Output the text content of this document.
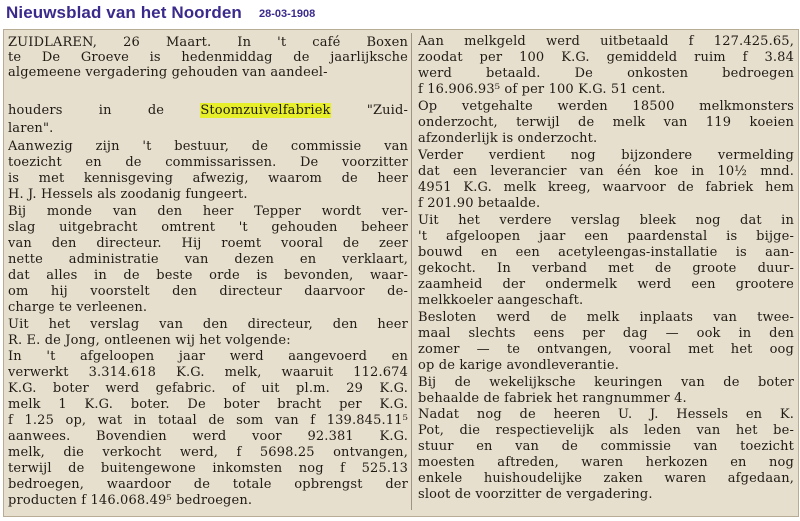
Nieuwsblad van het Noorden 28-03-1908
ZUIDLAREN, 26 Maart. In 't café Boxen
te De Groeve is hedenmiddag de jaarlijksche
algemeene vergadering gehouden van aandeel-
houders in de Stoomzuivelfabriek "Zuid-
laren".
Aanwezig zijn 't bestuur, de commissie van
toezicht en de commissarissen. De voorzitter
is met kennisgeving afwezig, waarom de heer
H. J. Hessels als zoodanig fungeert.
Bij monde van den heer Tepper wordt ver-
slag uitgebracht omtrent 't gehouden beheer
van den directeur. Hij roemt vooral de zeer
nette administratie van dezen en verklaart,
dat alles in de beste orde is bevonden, waar-
om hij voorstelt den directeur daarvoor de-
charge te verleenen.
Uit het verslag van den directeur, den heer
R. E. de Jong, ontleenen wij het volgende:
In 't afgeloopen jaar werd aangevoerd en
verwerkt 3.314.618 K.G. melk, waaruit 112.674
K.G. boter werd gefabric. of uit pl.m. 29 K.G.
melk 1 K.G. boter. De boter bracht per K.G.
f 1.25 op, wat in totaal de som van f 139.845.11⁵
aanwees. Bovendien werd voor 92.381 K.G.
melk, die verkocht werd, f 5698.25 ontvangen,
terwijl de buitengewone inkomsten nog f 525.13
bedroegen, waardoor de totale opbrengst der
producten f 146.068.49⁵ bedroegen.
Aan melkgeld werd uitbetaald f 127.425.65,
zoodat per 100 K.G. gemiddeld ruim f 3.84
werd betaald. De onkosten bedroegen
f 16.906.93⁵ of per 100 K.G. 51 cent.
Op vetgehalte werden 18500 melkmonsters
onderzocht, terwijl de melk van 119 koeien
afzonderlijk is onderzocht.
Verder verdient nog bijzondere vermelding
dat een leverancier van één koe in 10½ mnd.
4951 K.G. melk kreeg, waarvoor de fabriek hem
f 201.90 betaalde.
Uit het verdere verslag bleek nog dat in
't afgeloopen jaar een paardenstal is bijge-
bouwd en een acetyleengas-installatie is aan-
gekocht. In verband met de groote duur-
zaamheid der ondermelk werd een grootere
melkkoeler aangeschaft.
Besloten werd de melk inplaats van twee-
maal slechts eens per dag — ook in den
zomer — te ontvangen, vooral met het oog
op de karige avondleverantie.
Bij de wekelijksche keuringen van de boter
behaalde de fabriek het rangnummer 4.
Nadat nog de heeren U. J. Hessels en K.
Pot, die respectievelijk als leden van het be-
stuur en van de commissie van toezicht
moesten aftreden, waren herkozen en nog
enkele huishoudelijke zaken waren afgedaan,
sloot de voorzitter de vergadering.
